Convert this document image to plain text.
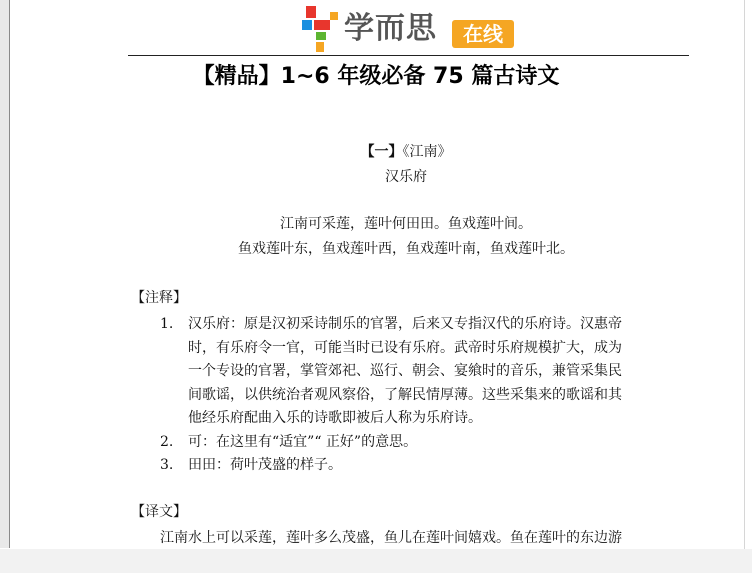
学而思	在线
【精品】1~6 年级必备 75 篇古诗文
【一】《江南》
汉乐府
江南可采莲，莲叶何田田。鱼戏莲叶间。
鱼戏莲叶东，鱼戏莲叶西，鱼戏莲叶南，鱼戏莲叶北。
【注释】
1. 汉乐府：原是汉初采诗制乐的官署，后来又专指汉代的乐府诗。汉惠帝
时，有乐府令一官，可能当时已设有乐府。武帝时乐府规模扩大，成为
一个专设的官署，掌管郊祀、巡行、朝会、宴飨时的音乐，兼管采集民
间歌谣，以供统治者观风察俗，了解民情厚薄。这些采集来的歌谣和其
他经乐府配曲入乐的诗歌即被后人称为乐府诗。
2. 可：在这里有“适宜”“ 正好”的意思。
3. 田田：荷叶茂盛的样子。
【译文】
江南水上可以采莲，莲叶多么茂盛，鱼儿在莲叶间嬉戏。鱼在莲叶的东边游
